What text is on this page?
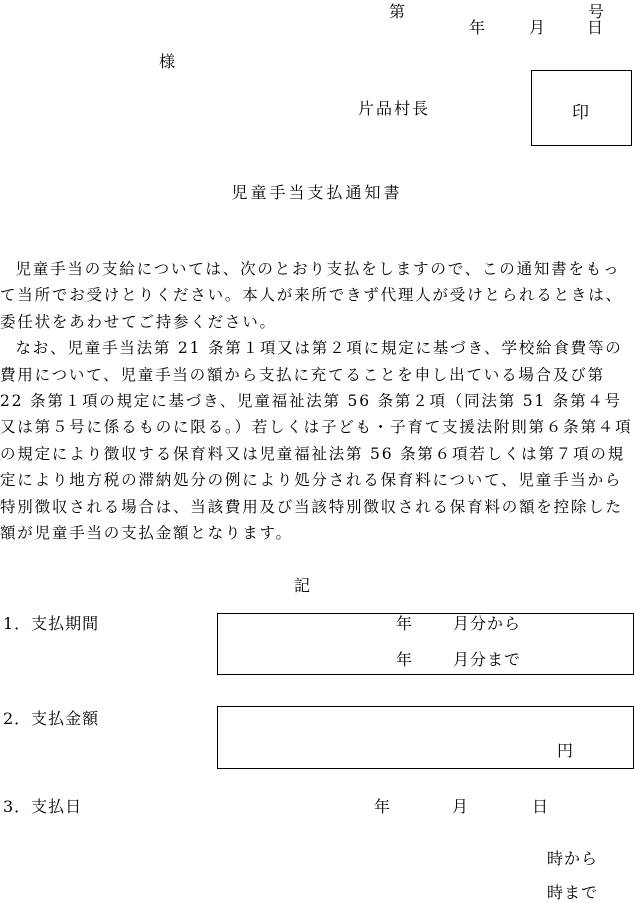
第	号
年	月	日
様
片品村長	印
児童手当支払通知書

児童手当の支給については、次のとおり支払をしますので、この通知書をもって当所でお受けとりください。本人が来所できず代理人が受けとられるときは、委任状をあわせてご持参ください。

なお、児童手当法第 21 条第１項又は第２項に規定に基づき、学校給食費等の費用について、児童手当の額から支払に充てることを申し出ている場合及び第 22 条第１項の規定に基づき、児童福祉法第 56 条第２項（同法第 51 条第４号又は第５号に係るものに限る。）若しくは子ども・子育て支援法附則第６条第４項の規定により徴収する保育料又は児童福祉法第 56 条第６項若しくは第７項の規定により地方税の滞納処分の例により処分される保育料について、児童手当から特別徴収される場合は、当該費用及び当該特別徴収される保育料の額を控除した額が児童手当の支払金額となります。

記
1．支払期間	年	月分から
年	月分まで
2．支払金額
円
3．支払日	年	月	日
時から
時まで
